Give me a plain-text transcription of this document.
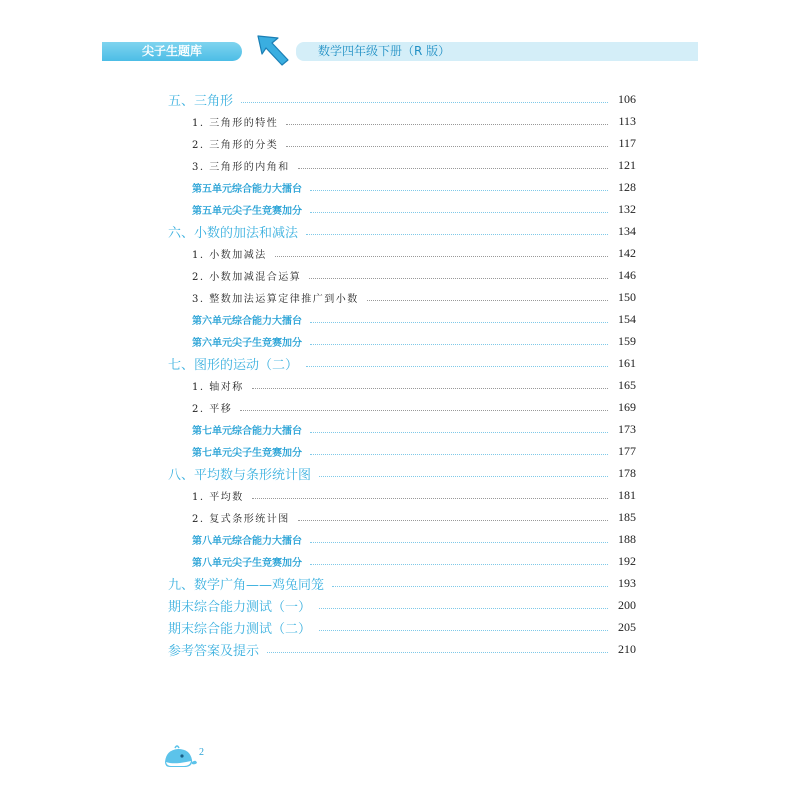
尖子生题库	数学四年级下册（R 版）
五、三角形	106
1. 三角形的特性	113
2. 三角形的分类	117
3. 三角形的内角和	121
第五单元综合能力大擂台	128
第五单元尖子生竞赛加分	132
六、小数的加法和减法	134
1. 小数加减法	142
2. 小数加减混合运算	146
3. 整数加法运算定律推广到小数	150
第六单元综合能力大擂台	154
第六单元尖子生竞赛加分	159
七、图形的运动（二）	161
1. 轴对称	165
2. 平移	169
第七单元综合能力大擂台	173
第七单元尖子生竞赛加分	177
八、平均数与条形统计图	178
1. 平均数	181
2. 复式条形统计图	185
第八单元综合能力大擂台	188
第八单元尖子生竞赛加分	192
九、数学广角——鸡兔同笼	193
期末综合能力测试（一）	200
期末综合能力测试（二）	205
参考答案及提示	210
2
